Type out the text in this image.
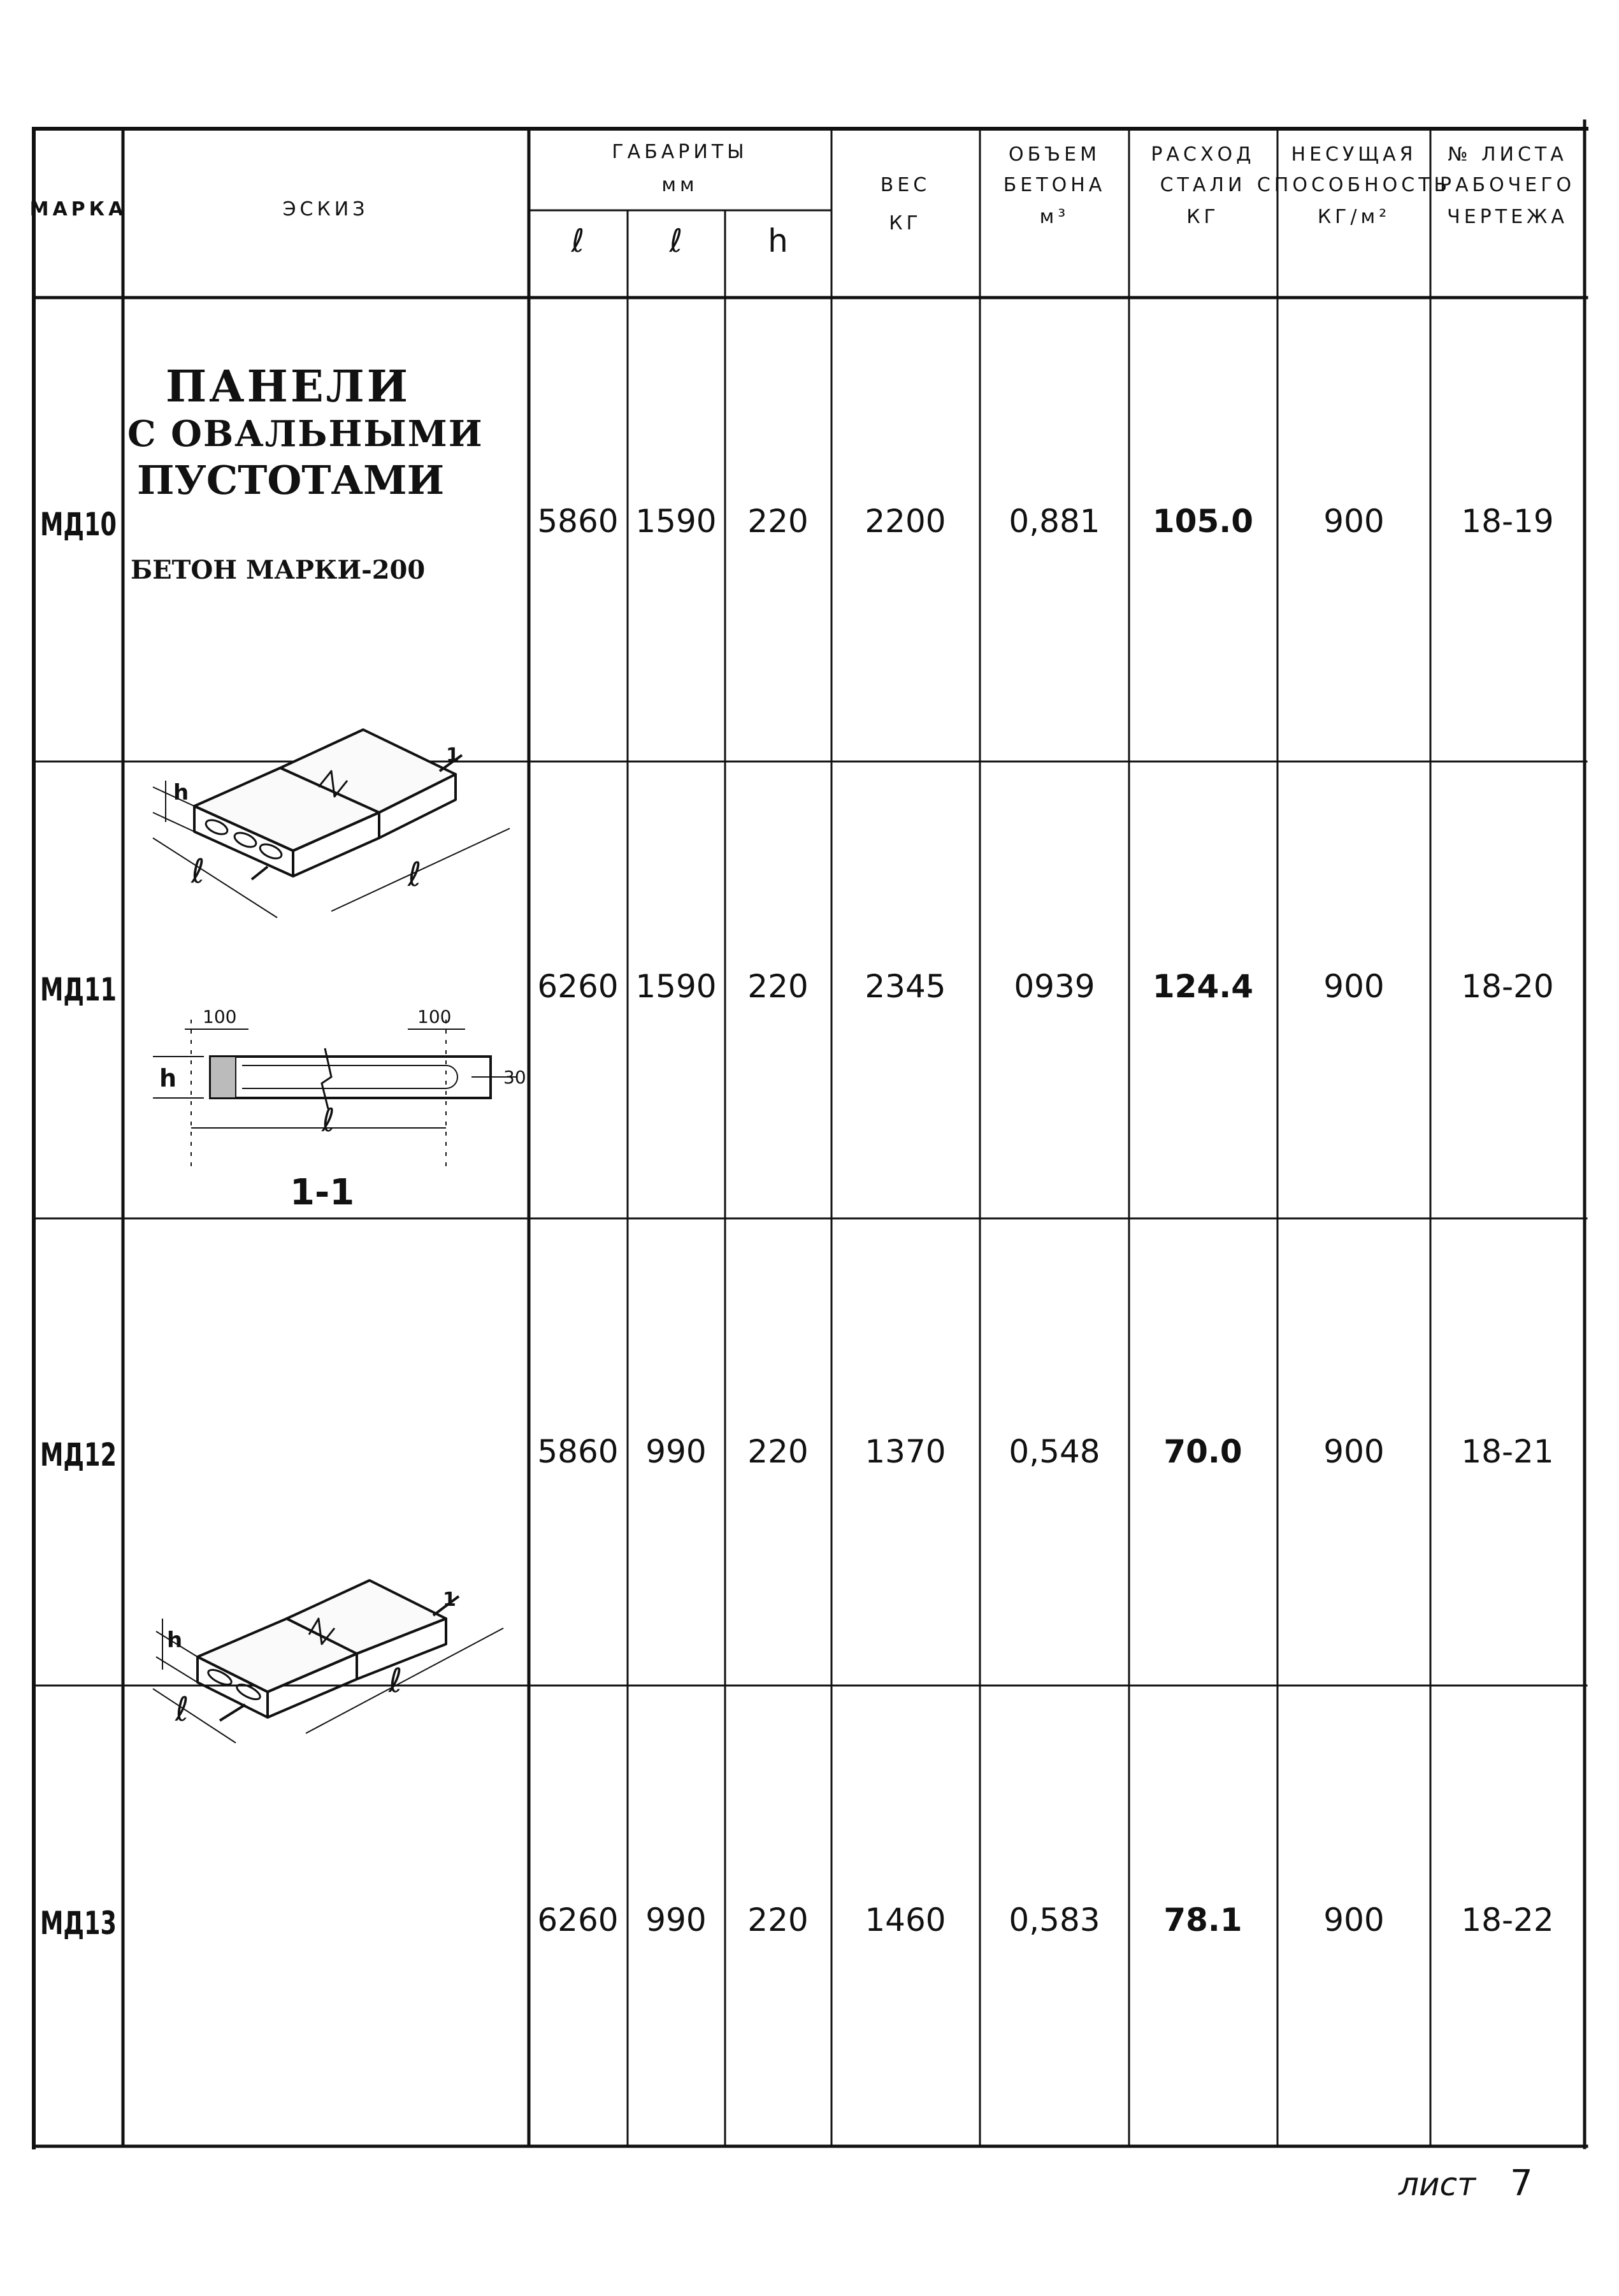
МАРКА	ЭСКИЗ
ГАБАРИТЫ
мм
ℓ	ℓ	h
ВЕС
КГ
ОБЪЕМ
БЕТОНА
м³
РАСХОД
СТАЛИ
КГ
НЕСУЩАЯ
СПОСОБНОСТЬ
КГ/м²
№ ЛИСТА
РАБОЧЕГО
ЧЕРТЕЖА
МД10	5860 1590 220 2200 0,881 105.0 900 18-19
МД11	6260 1590 220 2345 0939 124.4 900 18-20
МД12	5860 990 220 1370 0,548 70.0	900 18-21
МД13	6260 990 220 1460 0,583 78.1	900 18-22
ПАНЕЛИ
С ОВАЛЬНЫМИ
ПУСТОТАМИ
БЕТОН МАРКИ-200
h
ℓ	ℓ
1
100	100
30
h
ℓ
1-1
h
ℓ
ℓ
1
лист 7
